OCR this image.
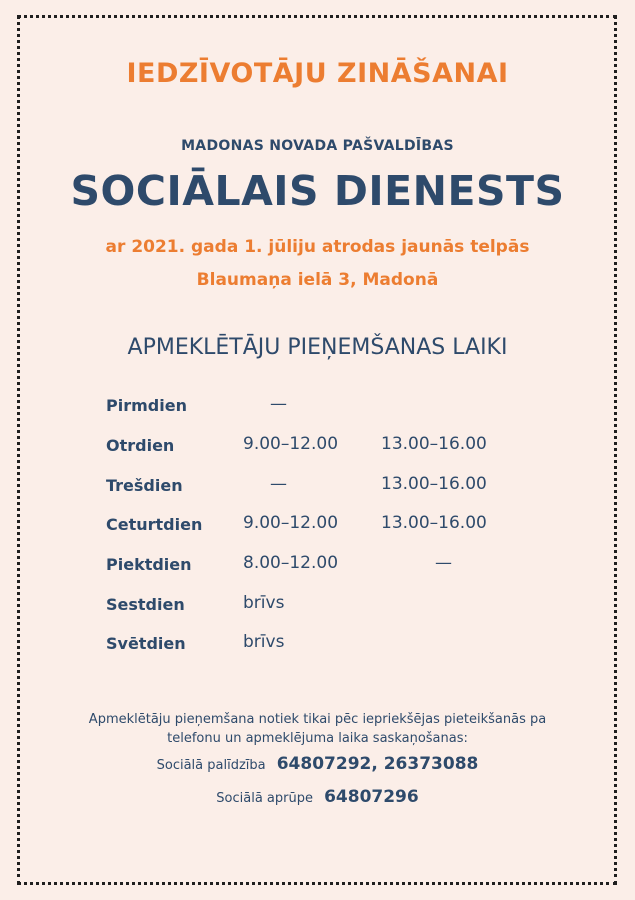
IEDZĪVOTĀJU ZINĀŠANAI
MADONAS NOVADA PAŠVALDĪBAS
SOCIĀLAIS DIENESTS
ar 2021. gada 1. jūliju atrodas jaunās telpās
Blaumaņa ielā 3, Madonā
APMEKLĒTĀJU PIEŅEMŠANAS LAIKI
Pirmdien	—
Otrdien	9.00–12.00	13.00–16.00
Trešdien	—	13.00–16.00
Ceturtdien 9.00–12.00	13.00–16.00
Piektdien	8.00–12.00	—
Sestdien	brīvs
Svētdien	brīvs
Apmeklētāju pieņemšana notiek tikai pēc iepriekšējas pieteikšanās pa
telefonu un apmeklējuma laika saskaņošanas:
Sociālā palīdzība 64807292, 26373088
Sociālā aprūpe 64807296
